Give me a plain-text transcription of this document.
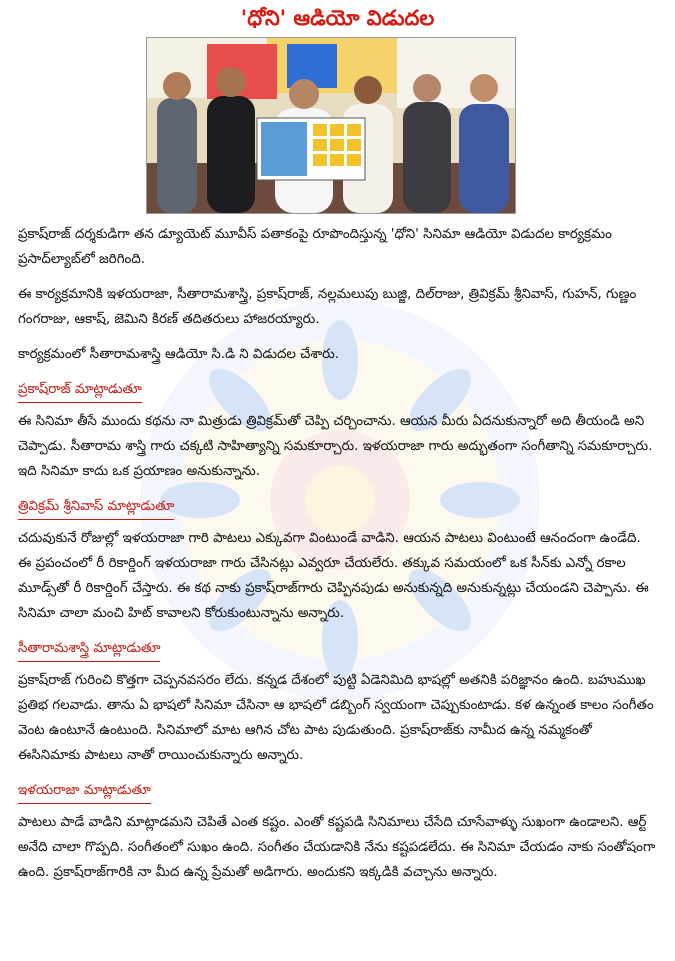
'ధోని' ఆడియో విడుదల

ప్రకాష్‌రాజ్ దర్శకుడిగా తన డ్యూయెట్ మూవీస్ పతాకంపై రూపొందిస్తున్న 'ధోని' సినిమా ఆడియో విడుదల కార్యక్రమం ప్రసాద్‌ల్యాబ్‌లో జరిగింది.

ఈ కార్యక్రమానికి ఇళయరాజా, సీతారామశాస్త్రి, ప్రకాష్‌రాజ్, నల్లమలుపు బుజ్జి, దిల్‌రాజు, త్రివిక్రమ్ శ్రీనివాస్, గుహన్, గుణ్ణం గంగరాజు, ఆకాష్, జెమిని కిరణ్ తదితరులు హాజరయ్యారు.

కార్యక్రమంలో సీతారామశాస్త్రి ఆడియో సి.డి ని విడుదల చేశారు.

ప్రకాష్‌రాజ్ మాట్లాడుతూ

ఈ సినిమా తీసే ముందు కథను నా మిత్రుడు త్రివిక్రమ్‌తో చెప్పి చర్చించాను. ఆయన మీరు ఏదనుకున్నారో అది తీయండి అని చెప్పాడు. సీతారామ శాస్త్రి గారు చక్కటి సాహిత్యాన్ని సమకూర్చారు. ఇళయరాజా గారు అద్భుతంగా సంగీతాన్ని సమకూర్చారు. ఇది సినిమా కాదు ఒక ప్రయాణం అనుకున్నాను.

త్రివిక్రమ్ శ్రీనివాస్ మాట్లాడుతూ

చదువుకునే రోజుల్లో ఇళయరాజా గారి పాటలు ఎక్కువగా వింటుండే వాడిని. ఆయన పాటలు వింటుంటే ఆనందంగా ఉండేది. ఈ ప్రపంచంలో రీ రికార్డింగ్ ఇళయరాజా గారు చేసినట్లు ఎవ్వరూ చేయలేరు. తక్కువ సమయంలో ఒక సీన్‌కు ఎన్నో రకాల మూడ్స్‌తో రీ రికార్డింగ్ చేస్తారు. ఈ కథ నాకు ప్రకాష్‌రాజ్‌గారు చెప్పినపుడు అనుకున్నది అనుకున్నట్లు చేయండని చెప్పాను. ఈ సినిమా చాలా మంచి హిట్ కావాలని కోరుకుంటున్నాను అన్నారు.

సీతారామశాస్త్రి మాట్లాడుతూ

ప్రకాష్‌రాజ్ గురించి కొత్తగా చెప్పనవసరం లేదు. కన్నడ దేశంలో పుట్టి ఏడెనిమిది భాషల్లో అతనికి పరిజ్ఞానం ఉంది. బహుముఖ ప్రతిభ గలవాడు. తాను ఏ భాషలో సినిమా చేసినా ఆ భాషలో డబ్బింగ్ స్వయంగా చెప్పుకుంటాడు. కళ ఉన్నంత కాలం సంగీతం వెంట ఉంటూనే ఉంటుంది. సినిమాలో మాట ఆగిన చోట పాట పుడుతుంది. ప్రకాష్‌రాజ్‌కు నామీద ఉన్న నమ్మకంతో ఈసినిమాకు పాటలు నాతో రాయించుకున్నారు అన్నారు.

ఇళయరాజా మాట్లాడుతూ

పాటలు పాడే వాడిని మాట్లాడమని చెపితే ఎంత కష్టం. ఎంతో కష్టపడి సినిమాలు చేసేది చూసేవాళ్ళు సుఖంగా ఉండాలని. ఆర్ట్ అనేది చాలా గొప్పది. సంగీతంలో సుఖం ఉంది. సంగీతం చేయడానికి నేను కష్టపడలేదు. ఈ సినిమా చేయడం నాకు సంతోషంగా ఉంది. ప్రకాష్‌రాజ్‌గారికి నా మీద ఉన్న ప్రేమతో అడిగారు. అందుకని ఇక్కడికి వచ్చాను అన్నారు.
